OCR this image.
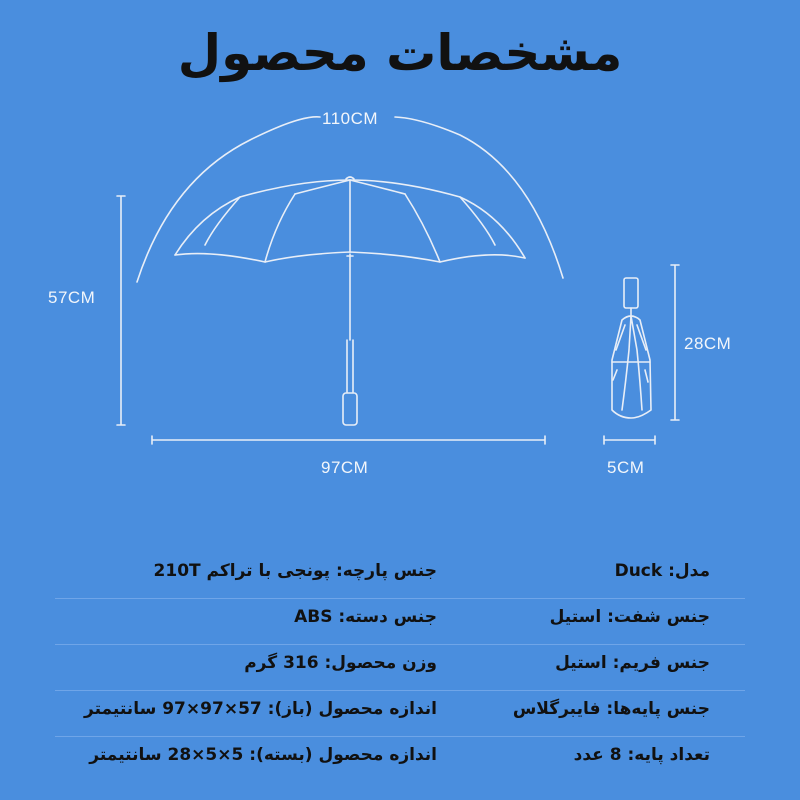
مشخصات محصول
110CM
57CM
97CM
28CM
5CM
مدل: Duck
جنس پارچه: پونجی با تراکم 210T
جنس شفت: استیل
جنس دسته: ABS
جنس فریم: استیل
وزن محصول: 316 گرم
جنس پایه‌ها: فایبرگلاس
اندازه محصول (باز): 57×97×97 سانتیمتر
تعداد پایه: 8 عدد
اندازه محصول (بسته): 5×5×28 سانتیمتر
